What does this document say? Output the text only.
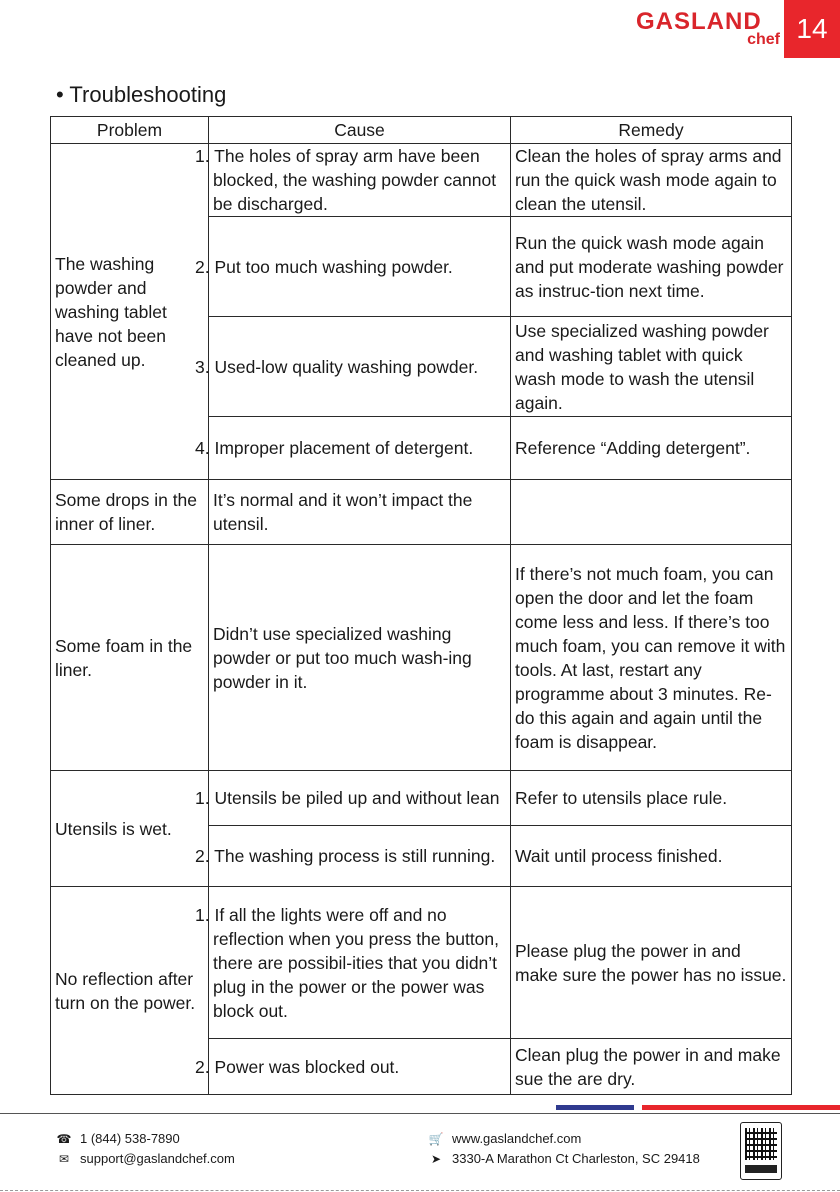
GASLAND
chef 14
• Troubleshooting
Problem	Cause	Remedy
The washing powder and washing tablet have not been cleaned up.	1. The holes of spray arm have been blocked, the washing powder cannot be discharged.	Clean the holes of spray arms and run the quick wash mode again to clean the utensil.
	2. Put too much washing powder.	Run the quick wash mode again and put moderate washing powder as instruc-tion next time.
	3. Used-low quality washing powder.	Use specialized washing powder and washing tablet with quick wash mode to wash the utensil again.
	4. Improper placement of detergent.	Reference “Adding detergent”.
Some drops in the inner of liner.	It’s normal and it won’t impact the utensil.	
Some foam in the liner.	Didn’t use specialized washing powder or put too much wash-ing powder in it.	If there’s not much foam, you can open the door and let the foam come less and less. If there’s too much foam, you can remove it with tools. At last, restart any programme about 3 minutes. Re-do this again and again until the foam is disappear.
Utensils is wet.	1. Utensils be piled up and without lean	Refer to utensils place rule.
	2. The washing process is still running.	Wait until process finished.
No reflection after turn on the power.	1. If all the lights were off and no reflection when you press the button, there are possibil-ities that you didn’t plug in the power or the power was block out.	Please plug the power in and make sure the power has no issue.
	2. Power was blocked out.	Clean plug the power in and make sue the are dry.
☎ 1 (844) 538-7890
✉ support@gaslandchef.com
🛒 www.gaslandchef.com
➤ 3330-A Marathon Ct Charleston, SC 29418
